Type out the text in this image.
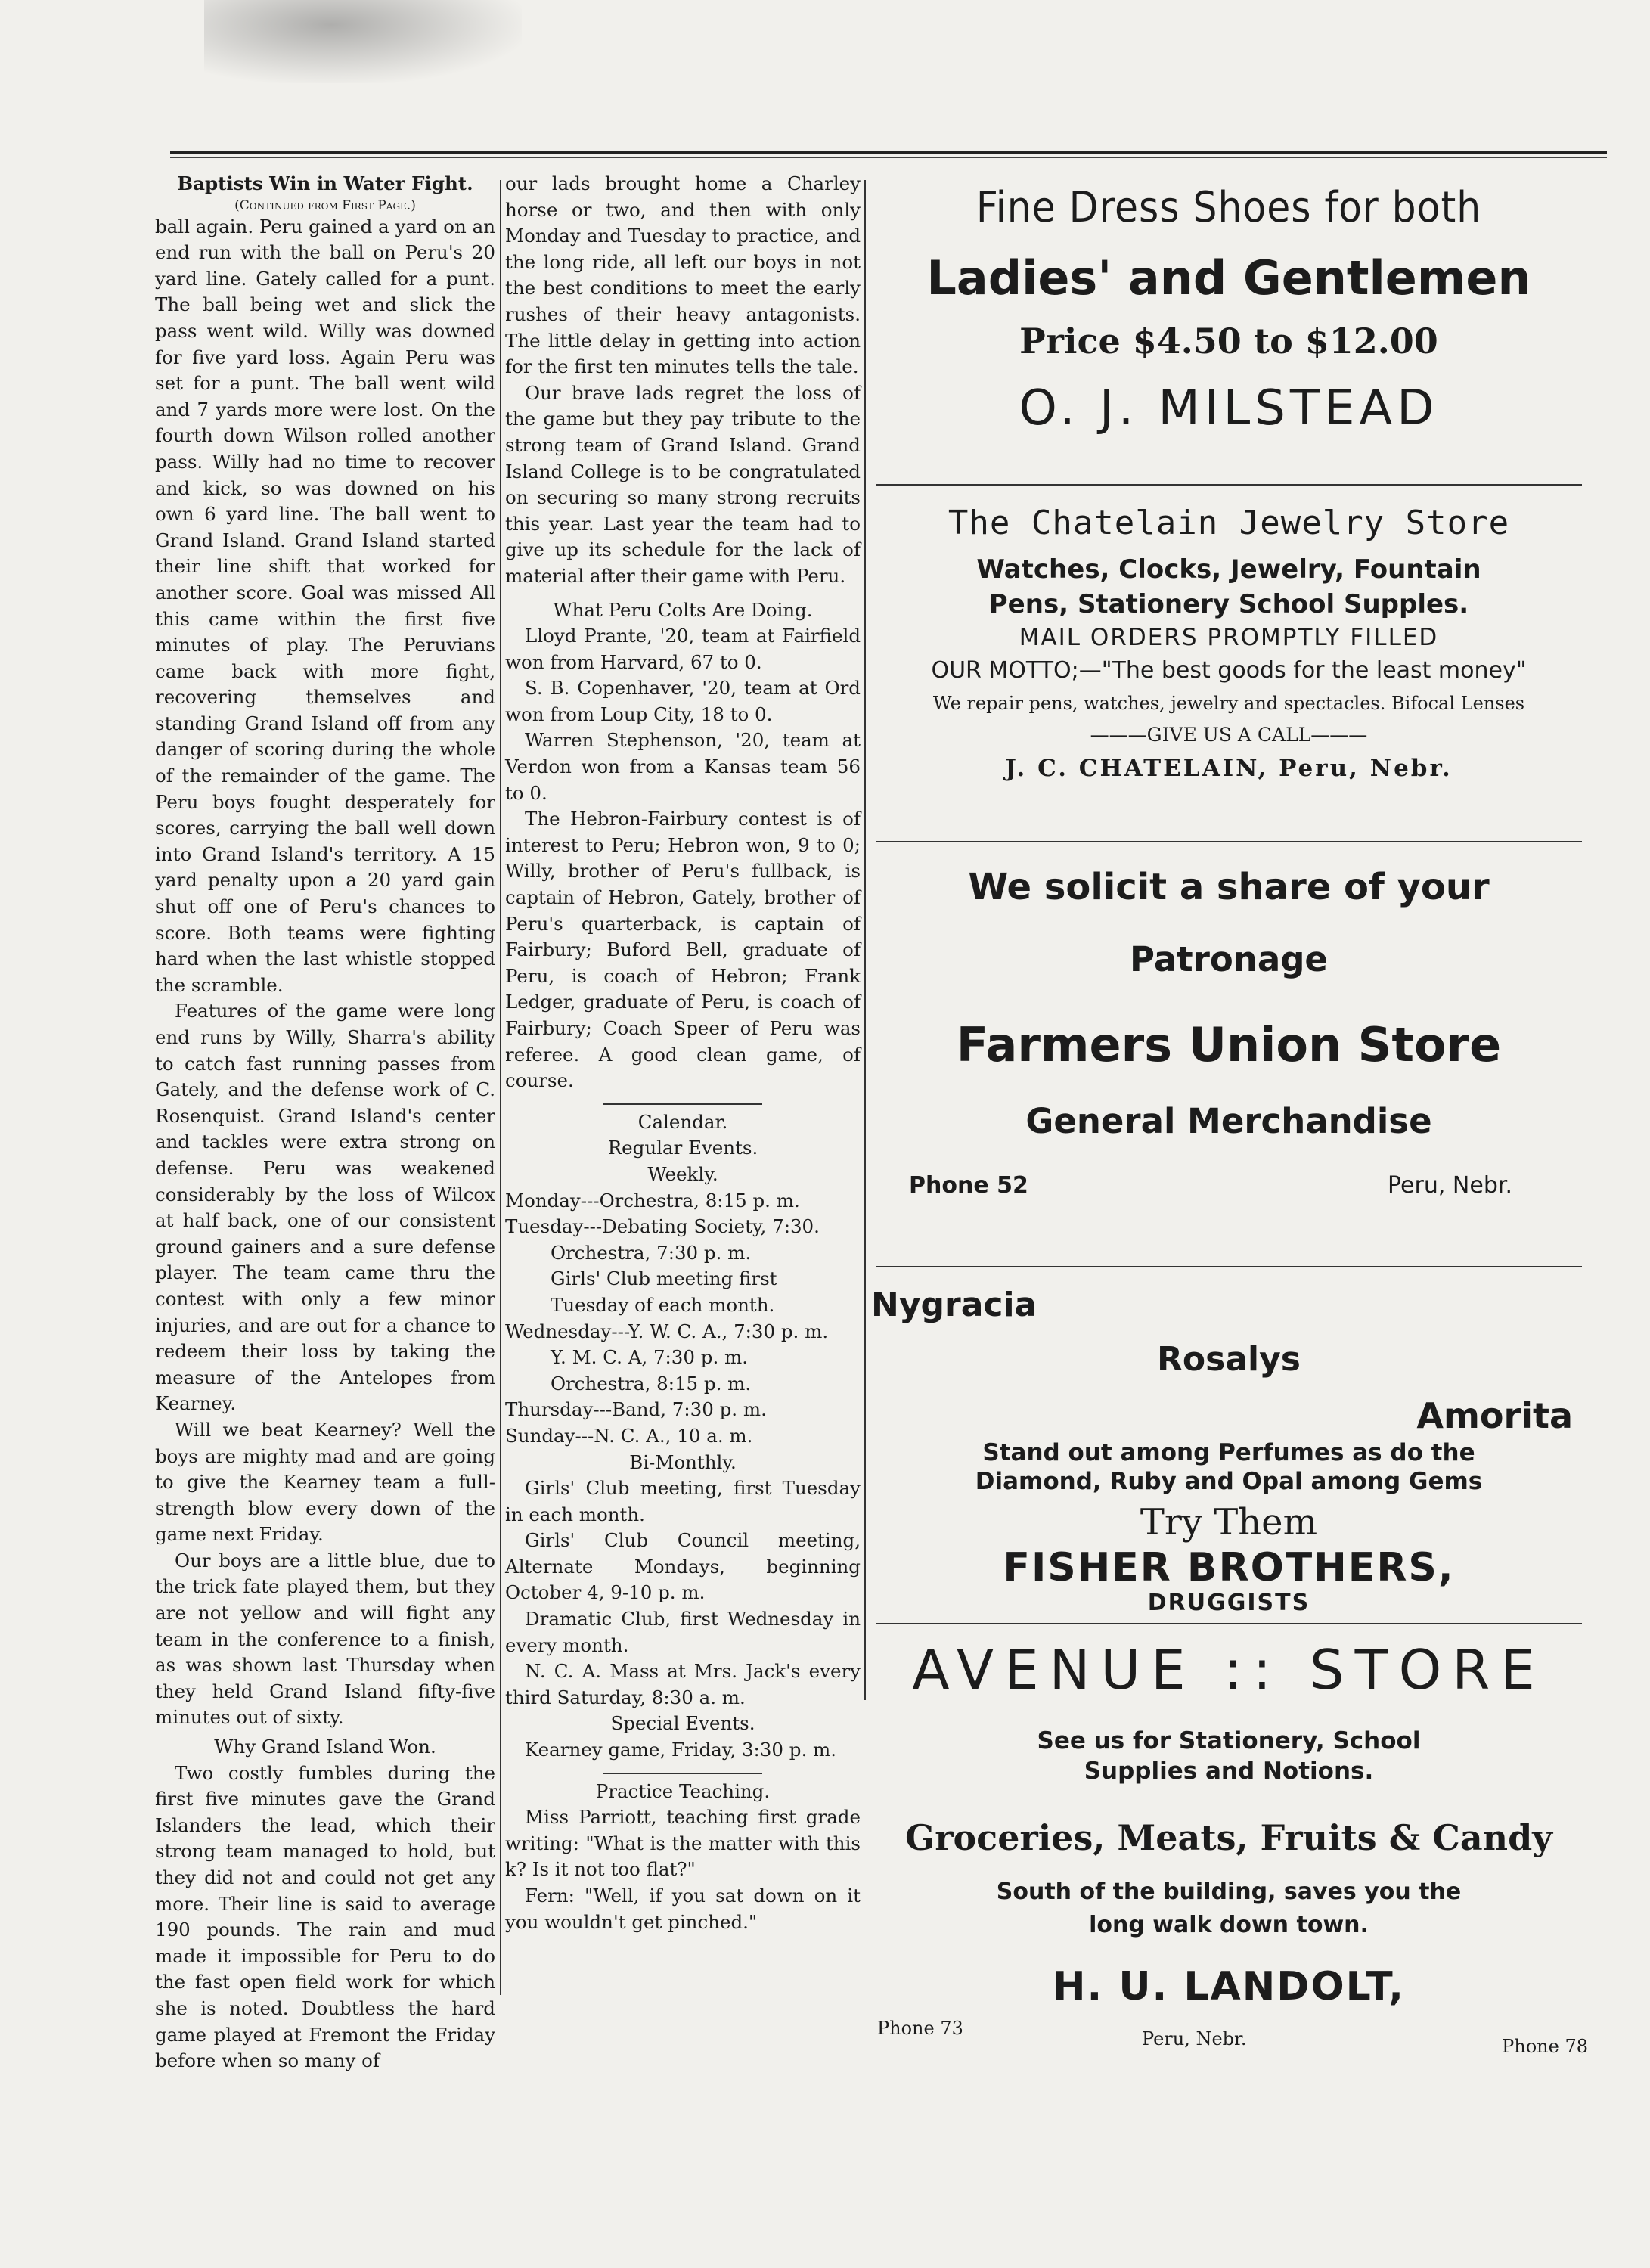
Baptists Win in Water Fight.

(Continued from First Page.)

ball again. Peru gained a yard on an end run with the ball on Peru's 20 yard line. Gately called for a punt. The ball being wet and slick the pass went wild. Willy was downed for five yard loss. Again Peru was set for a punt. The ball went wild and 7 yards more were lost. On the fourth down Wilson rolled another pass. Willy had no time to recover and kick, so was downed on his own 6 yard line. The ball went to Grand Island. Grand Island started their line shift that worked for another score. Goal was missed All this came within the first five minutes of play. The Peruvians came back with more fight, recovering themselves and standing Grand Island off from any danger of scoring during the whole of the remainder of the game. The Peru boys fought desperately for scores, carrying the ball well down into Grand Island's territory. A 15 yard penalty upon a 20 yard gain shut off one of Peru's chances to score. Both teams were fighting hard when the last whistle stopped the scramble.

Features of the game were long end runs by Willy, Sharra's ability to catch fast running passes from Gately, and the defense work of C. Rosenquist. Grand Island's center and tackles were extra strong on defense. Peru was weakened considerably by the loss of Wilcox at half back, one of our consistent ground gainers and a sure defense player. The team came thru the contest with only a few minor injuries, and are out for a chance to redeem their loss by taking the measure of the Antelopes from Kearney.

Will we beat Kearney? Well the boys are mighty mad and are going to give the Kearney team a full-strength blow every down of the game next Friday.

Our boys are a little blue, due to the trick fate played them, but they are not yellow and will fight any team in the conference to a finish, as was shown last Thursday when they held Grand Island fifty-five minutes out of sixty.

Why Grand Island Won.

Two costly fumbles during the first five minutes gave the Grand Islanders the lead, which their strong team managed to hold, but they did not and could not get any more. Their line is said to average 190 pounds. The rain and mud made it impossible for Peru to do the fast open field work for which she is noted. Doubtless the hard game played at Fremont the Friday before when so many of

our lads brought home a Charley horse or two, and then with only Monday and Tuesday to practice, and the long ride, all left our boys in not the best conditions to meet the early rushes of their heavy antagonists. The little delay in getting into action for the first ten minutes tells the tale.

Our brave lads regret the loss of the game but they pay tribute to the strong team of Grand Island. Grand Island College is to be congratulated on securing so many strong recruits this year. Last year the team had to give up its schedule for the lack of material after their game with Peru.

What Peru Colts Are Doing.

Lloyd Prante, '20, team at Fairfield won from Harvard, 67 to 0.

S. B. Copenhaver, '20, team at Ord won from Loup City, 18 to 0.

Warren Stephenson, '20, team at Verdon won from a Kansas team 56 to 0.

The Hebron-Fairbury contest is of interest to Peru; Hebron won, 9 to 0; Willy, brother of Peru's fullback, is captain of Hebron, Gately, brother of Peru's quarterback, is captain of Fairbury; Buford Bell, graduate of Peru, is coach of Hebron; Frank Ledger, graduate of Peru, is coach of Fairbury; Coach Speer of Peru was referee. A good clean game, of course.

Calendar.

Regular Events.

Weekly.

Monday---Orchestra, 8:15 p. m.

Tuesday---Debating Society, 7:30.

Orchestra, 7:30 p. m.

Girls' Club meeting first Tuesday of each month.

Wednesday---Y. W. C. A., 7:30 p. m.

Y. M. C. A, 7:30 p. m.

Orchestra, 8:15 p. m.

Thursday---Band, 7:30 p. m.

Sunday---N. C. A., 10 a. m.

Bi-Monthly.

Girls' Club meeting, first Tuesday in each month.

Girls' Club Council meeting, Alternate Mondays, beginning October 4, 9-10 p. m.

Dramatic Club, first Wednesday in every month.

N. C. A. Mass at Mrs. Jack's every third Saturday, 8:30 a. m.

Special Events.

Kearney game, Friday, 3:30 p. m.

Practice Teaching.

Miss Parriott, teaching first grade writing: "What is the matter with this k? Is it not too flat?"

Fern: "Well, if you sat down on it you wouldn't get pinched."

Fine Dress Shoes for both
Ladies' and Gentlemen
Price $4.50 to $12.00
O. J. MILSTEAD
The Chatelain Jewelry Store
Watches, Clocks, Jewelry, Fountain
Pens, Stationery School Supples.
MAIL ORDERS PROMPTLY FILLED
OUR MOTTO;—"The best goods for the least money"
We repair pens, watches, jewelry and spectacles. Bifocal Lenses
———GIVE US A CALL———
J. C. CHATELAIN, Peru, Nebr.
We solicit a share of your
Patronage
Farmers Union Store
General Merchandise
Phone 52	Peru, Nebr.
Nygracia
Rosalys
Amorita
Stand out among Perfumes as do the
Diamond, Ruby and Opal among Gems
Try Them
FISHER BROTHERS,
DRUGGISTS
AVENUE :: STORE
See us for Stationery, School
Supplies and Notions.
Groceries, Meats, Fruits & Candy
South of the building, saves you the
long walk down town.
H. U. LANDOLT,
Phone 73	Peru, Nebr.	Phone 78
